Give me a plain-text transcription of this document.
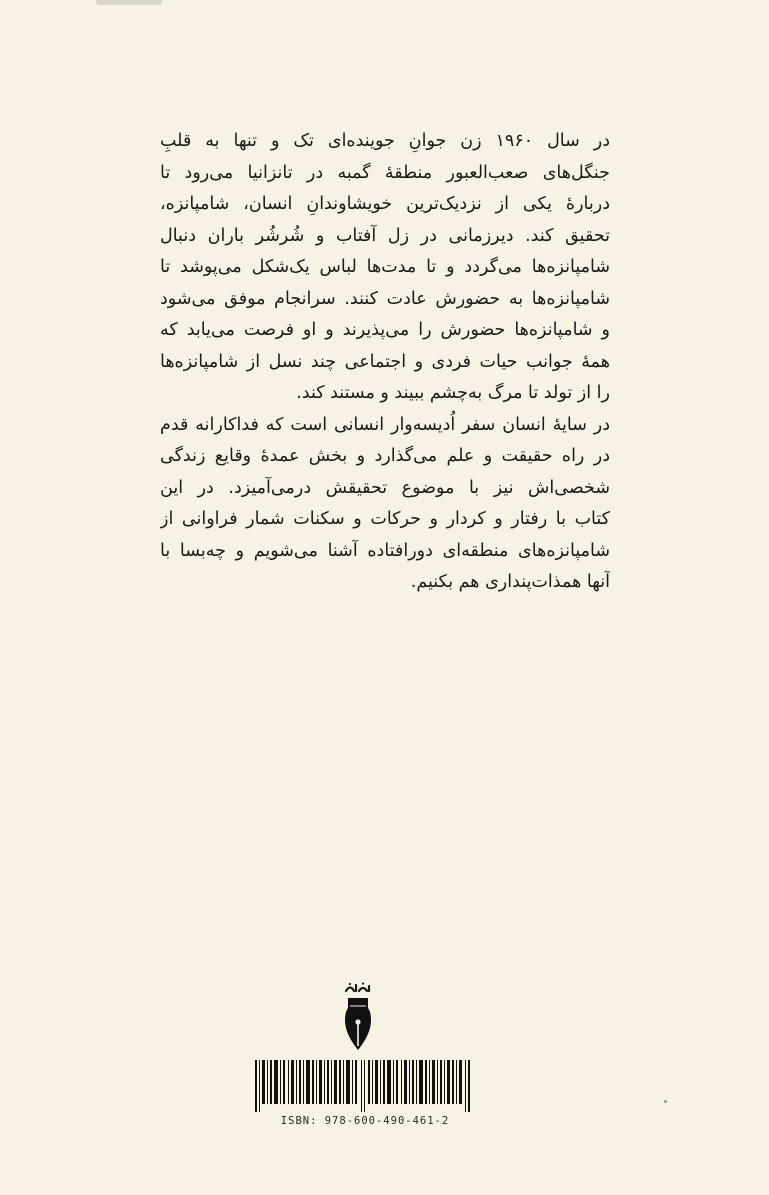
در سال ۱۹۶۰ زن جوانِ جوینده‌ای تک و تنها به قلبِ
جنگل‌های صعب‌العبور منطقهٔ گمبه در تانزانیا می‌رود تا
دربارهٔ یکی از نزدیک‌ترین خویشاوندانِ انسان، شامپانزه،
تحقیق کند. دیرزمانی در زل آفتاب و شُرشُر باران دنبال
شامپانزه‌ها می‌گردد و تا مدت‌ها لباس یک‌شکل می‌پوشد تا
شامپانزه‌ها به حضورش عادت کنند. سرانجام موفق می‌شود
و شامپانزه‌ها حضورش را می‌پذیرند و او فرصت می‌یابد که
همهٔ جوانب حیات فردی و اجتماعی چند نسل از شامپانزه‌ها
را از تولد تا مرگ به‌چشم ببیند و مستند کند.
در سایهٔ انسان سفر اُدیسه‌وار انسانی است که فداکارانه قدم
در راه حقیقت و علم می‌گذارد و بخش عمدهٔ وقایع زندگی
شخصی‌اش نیز با موضوع تحقیقش درمی‌آمیزد. در این
کتاب با رفتار و کردار و حرکات و سکنات شمار فراوانی از
شامپانزه‌های منطقه‌ای دورافتاده آشنا می‌شویم و چه‌بسا با
آنها همذات‌پنداری هم بکنیم.
ISBN: 978-600-490-461-2
